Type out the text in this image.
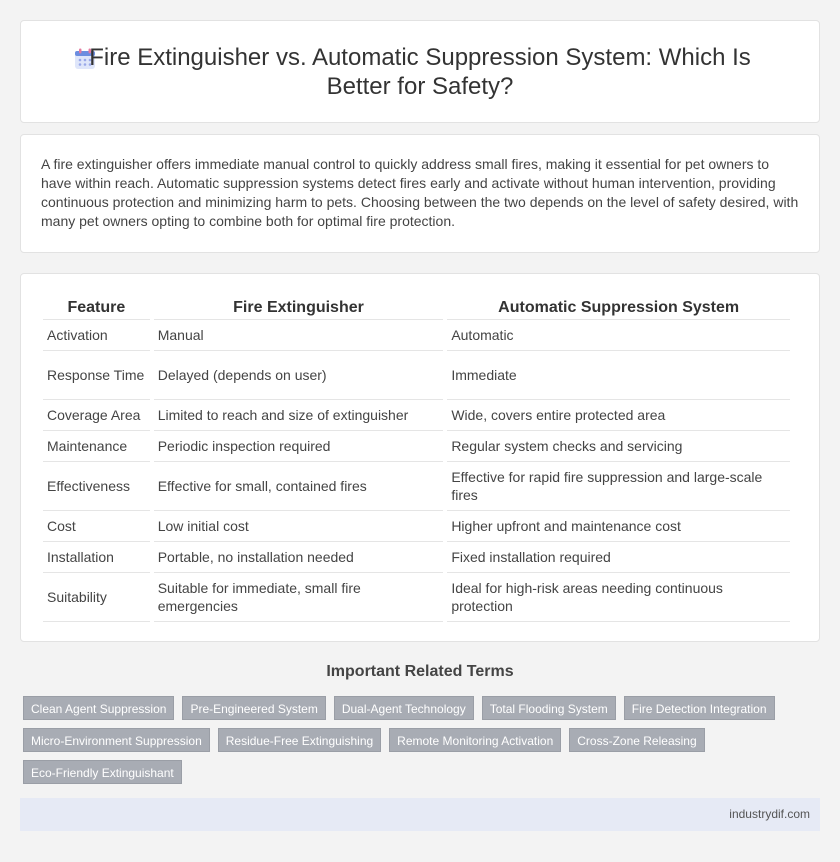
Fire Extinguisher vs. Automatic Suppression System: Which Is Better for Safety?

A fire extinguisher offers immediate manual control to quickly address small fires, making it essential for pet owners to have within reach. Automatic suppression systems detect fires early and activate without human intervention, providing continuous protection and minimizing harm to pets. Choosing between the two depends on the level of safety desired, with many pet owners opting to combine both for optimal fire protection.

Feature	Fire Extinguisher	Automatic Suppression System
Activation	Manual	Automatic
Response Time	Delayed (depends on user)	Immediate
Coverage Area	Limited to reach and size of extinguisher	Wide, covers entire protected area
Maintenance	Periodic inspection required	Regular system checks and servicing
Effectiveness	Effective for small, contained fires	Effective for rapid fire suppression and large-scale fires
Cost	Low initial cost	Higher upfront and maintenance cost
Installation	Portable, no installation needed	Fixed installation required
Suitability	Suitable for immediate, small fire emergencies	Ideal for high-risk areas needing continuous protection
Important Related Terms
Clean Agent Suppression	Pre-Engineered System	Dual-Agent Technology	Total Flooding System	Fire Detection Integration
Micro-Environment Suppression	Residue-Free Extinguishing	Remote Monitoring Activation	Cross-Zone Releasing
Eco-Friendly Extinguishant
industrydif.com
